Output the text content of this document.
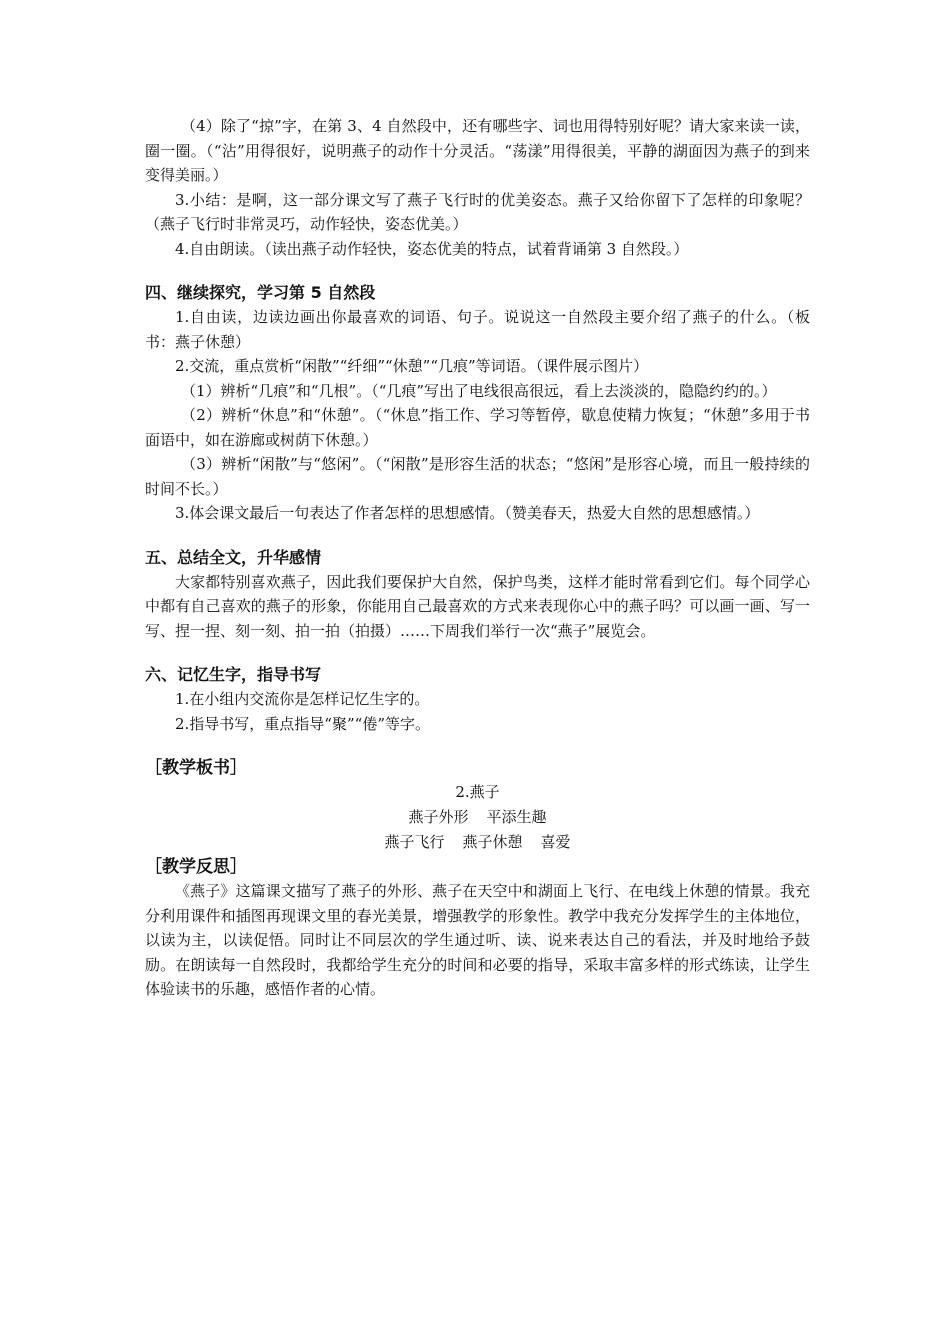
（4）除了“掠”字，在第 3、4 自然段中，还有哪些字、词也用得特别好呢？请大家来读一读，圈一圈。（“沾”用得很好，说明燕子的动作十分灵活。“荡漾”用得很美，平静的湖面因为燕子的到来变得美丽。）

3.小结：是啊，这一部分课文写了燕子飞行时的优美姿态。燕子又给你留下了怎样的印象呢？（燕子飞行时非常灵巧，动作轻快，姿态优美。）

4.自由朗读。（读出燕子动作轻快，姿态优美的特点，试着背诵第 3 自然段。）

四、继续探究，学习第 5 自然段

1.自由读，边读边画出你最喜欢的词语、句子。说说这一自然段主要介绍了燕子的什么。（板书：燕子休憩）

2.交流，重点赏析“闲散”“纤细”“休憩”“几痕”等词语。（课件展示图片）

（1）辨析“几痕”和“几根”。（“几痕”写出了电线很高很远，看上去淡淡的，隐隐约约的。）

（2）辨析“休息”和“休憩”。（“休息”指工作、学习等暂停，歇息使精力恢复；“休憩”多用于书面语中，如在游廊或树荫下休憩。）

（3）辨析“闲散”与“悠闲”。（“闲散”是形容生活的状态；“悠闲”是形容心境，而且一般持续的时间不长。）

3.体会课文最后一句表达了作者怎样的思想感情。（赞美春天，热爱大自然的思想感情。）

五、总结全文，升华感情

大家都特别喜欢燕子，因此我们要保护大自然，保护鸟类，这样才能时常看到它们。每个同学心中都有自己喜欢的燕子的形象，你能用自己最喜欢的方式来表现你心中的燕子吗？可以画一画、写一写、捏一捏、刻一刻、拍一拍（拍摄）……下周我们举行一次“燕子”展览会。

六、记忆生字，指导书写

1.在小组内交流你是怎样记忆生字的。

2.指导书写，重点指导“聚”“倦”等字。

［教学板书］

2.燕子

燕子外形 平添生趣

燕子飞行 燕子休憩 喜爱

［教学反思］

《燕子》这篇课文描写了燕子的外形、燕子在天空中和湖面上飞行、在电线上休憩的情景。我充分利用课件和插图再现课文里的春光美景，增强教学的形象性。教学中我充分发挥学生的主体地位，以读为主，以读促悟。同时让不同层次的学生通过听、读、说来表达自己的看法，并及时地给予鼓励。在朗读每一自然段时，我都给学生充分的时间和必要的指导，采取丰富多样的形式练读，让学生体验读书的乐趣，感悟作者的心情。
